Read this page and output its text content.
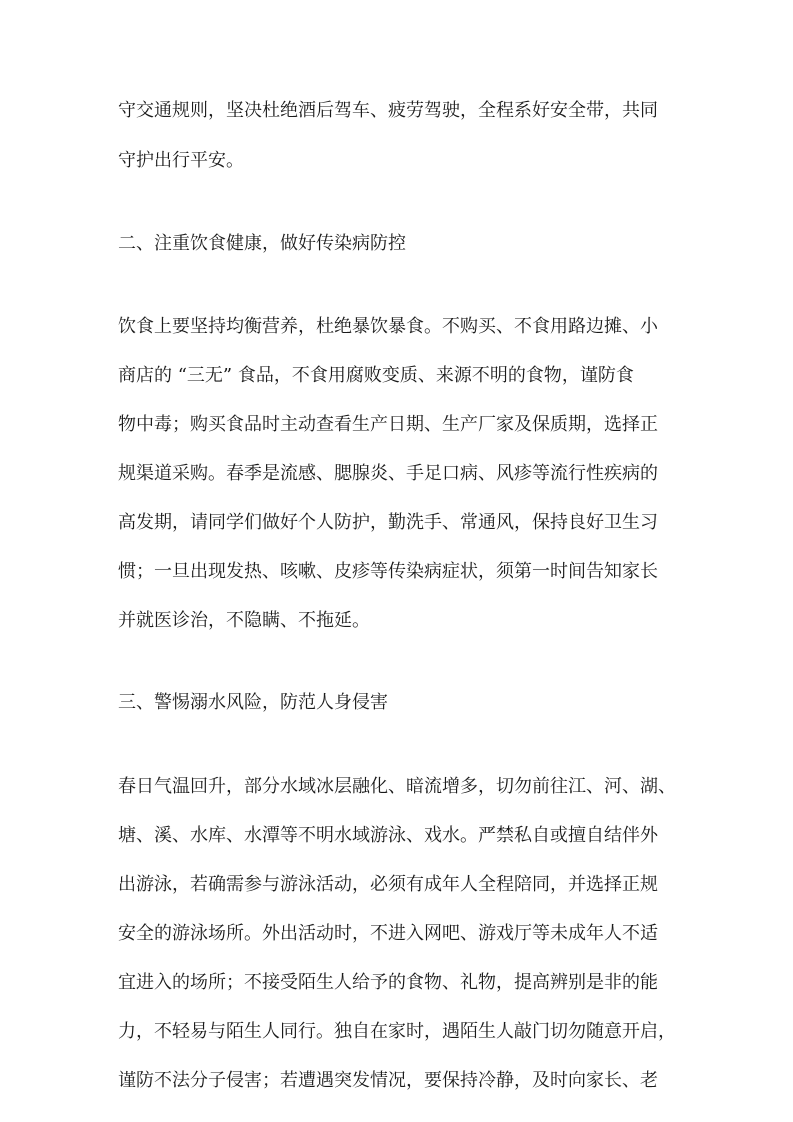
守交通规则，坚决杜绝酒后驾车、疲劳驾驶，全程系好安全带，共同
守护出行平安。
二、注重饮食健康，做好传染病防控
饮食上要坚持均衡营养，杜绝暴饮暴食。不购买、不食用路边摊、小
商店的 “三无” 食品，不食用腐败变质、来源不明的食物，谨防食
物中毒；购买食品时主动查看生产日期、生产厂家及保质期，选择正
规渠道采购。春季是流感、腮腺炎、手足口病、风疹等流行性疾病的
高发期，请同学们做好个人防护，勤洗手、常通风，保持良好卫生习
惯；一旦出现发热、咳嗽、皮疹等传染病症状，须第一时间告知家长
并就医诊治，不隐瞒、不拖延。
三、警惕溺水风险，防范人身侵害
春日气温回升，部分水域冰层融化、暗流增多，切勿前往江、河、湖、
塘、溪、水库、水潭等不明水域游泳、戏水。严禁私自或擅自结伴外
出游泳，若确需参与游泳活动，必须有成年人全程陪同，并选择正规
安全的游泳场所。外出活动时，不进入网吧、游戏厅等未成年人不适
宜进入的场所；不接受陌生人给予的食物、礼物，提高辨别是非的能
力，不轻易与陌生人同行。独自在家时，遇陌生人敲门切勿随意开启，
谨防不法分子侵害；若遭遇突发情况，要保持冷静，及时向家长、老
